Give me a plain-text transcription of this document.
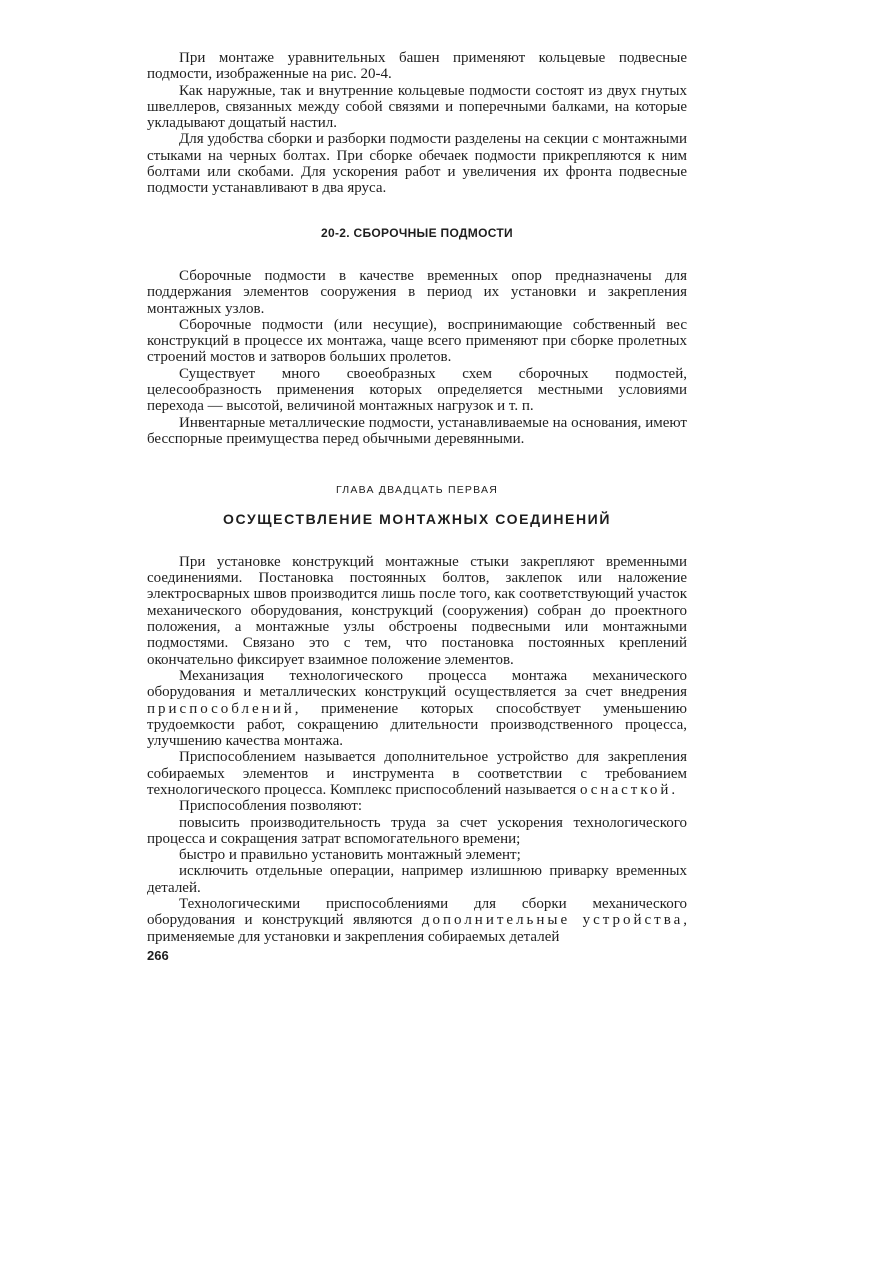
При монтаже уравнительных башен применяют кольцевые подвесные подмости, изображенные на рис. 20-4.

Как наружные, так и внутренние кольцевые подмости состоят из двух гнутых швеллеров, связанных между собой связями и поперечными балками, на которые укладывают дощатый настил.

Для удобства сборки и разборки подмости разделены на секции с монтажными стыками на черных болтах. При сборке обечаек подмости прикрепляются к ним болтами или скобами. Для ускорения работ и увеличения их фронта подвесные подмости устанавливают в два яруса.

20-2. СБОРОЧНЫЕ ПОДМОСТИ

Сборочные подмости в качестве временных опор предназначены для поддержания элементов сооружения в период их установки и закрепления монтажных узлов.

Сборочные подмости (или несущие), воспринимающие собственный вес конструкций в процессе их монтажа, чаще всего применяют при сборке пролетных строений мостов и затворов больших пролетов.

Существует много своеобразных схем сборочных подмостей, целесообразность применения которых определяется местными условиями перехода — высотой, величиной монтажных нагрузок и т. п.

Инвентарные металлические подмости, устанавливаемые на основания, имеют бесспорные преимущества перед обычными деревянными.

ГЛАВА ДВАДЦАТЬ ПЕРВАЯ
ОСУЩЕСТВЛЕНИЕ МОНТАЖНЫХ СОЕДИНЕНИЙ

При установке конструкций монтажные стыки закрепляют временными соединениями. Постановка постоянных болтов, заклепок или наложение электросварных швов производится лишь после того, как соответствующий участок механического оборудования, конструкций (сооружения) собран до проектного положения, а монтажные узлы обстроены подвесными или монтажными подмостями. Связано это с тем, что постановка постоянных креплений окончательно фиксирует взаимное положение элементов.

Механизация технологического процесса монтажа механического оборудования и металлических конструкций осуществляется за счет внедрения приспособлений, применение которых способствует уменьшению трудоемкости работ, сокращению длительности производственного процесса, улучшению качества монтажа.

Приспособлением называется дополнительное устройство для закрепления собираемых элементов и инструмента в соответствии с требованием технологического процесса. Комплекс приспособлений называется оснасткой.

Приспособления позволяют:

повысить производительность труда за счет ускорения технологического процесса и сокращения затрат вспомогательного времени;

быстро и правильно установить монтажный элемент;

исключить отдельные операции, например излишнюю приварку временных деталей.

Технологическими приспособлениями для сборки механического оборудования и конструкций являются дополнительные устройства, применяемые для установки и закрепления собираемых деталей

266
